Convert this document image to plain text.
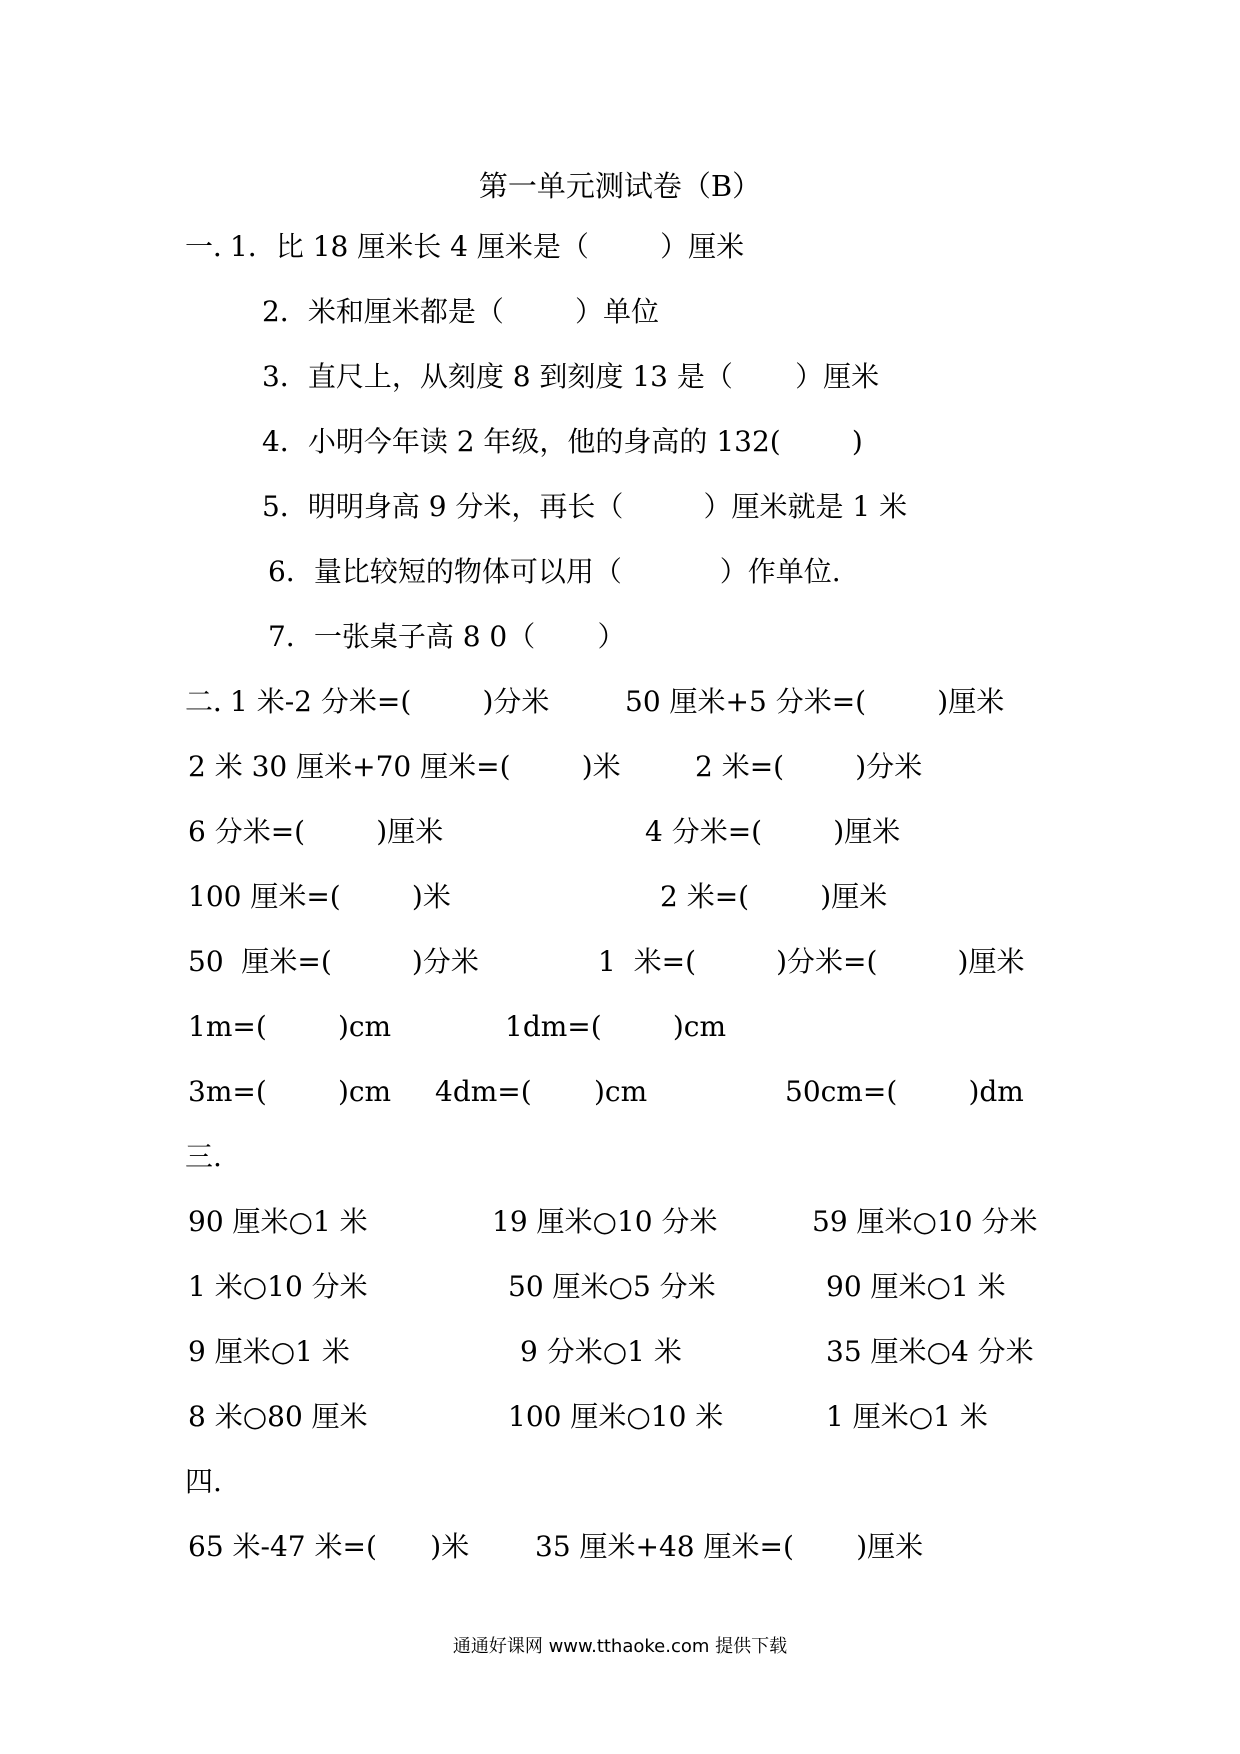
第一单元测试卷（B）
一．
1．比 18 厘米长 4 厘米是（        ）厘米
2．米和厘米都是（        ）单位
3．直尺上，从刻度 8 到刻度 13 是（       ）厘米
4．小明今年读 2 年级，他的身高的 132(        )
5．明明身高 9 分米，再长（         ）厘米就是 1 米
6．量比较短的物体可以用（           ）作单位.
7．一张桌子高 8 0（       ）
二．
1 米-2 分米=(        )分米	50 厘米+5 分米=(        )厘米
2 米 30 厘米+70 厘米=(        )米	2 米=(        )分米
6 分米=(        )厘米	4 分米=(        )厘米
100 厘米=(        )米	2 米=(        )厘米
50  厘米=(         )分米	1  米=(         )分米=(         )厘米
1m=(        )cm	1dm=(        )cm
3m=(        )cm 4dm=(       )cm	50cm=(        )dm
三.
90 厘米○1 米	19 厘米○10 分米	59 厘米○10 分米
1 米○10 分米	50 厘米○5 分米	90 厘米○1 米
9 厘米○1 米	9 分米○1 米	35 厘米○4 分米
8 米○80 厘米	100 厘米○10 米	1 厘米○1 米
四.
65 米-47 米=(      )米 35 厘米+48 厘米=(       )厘米
通通好课网 www.tthaoke.com 提供下载
